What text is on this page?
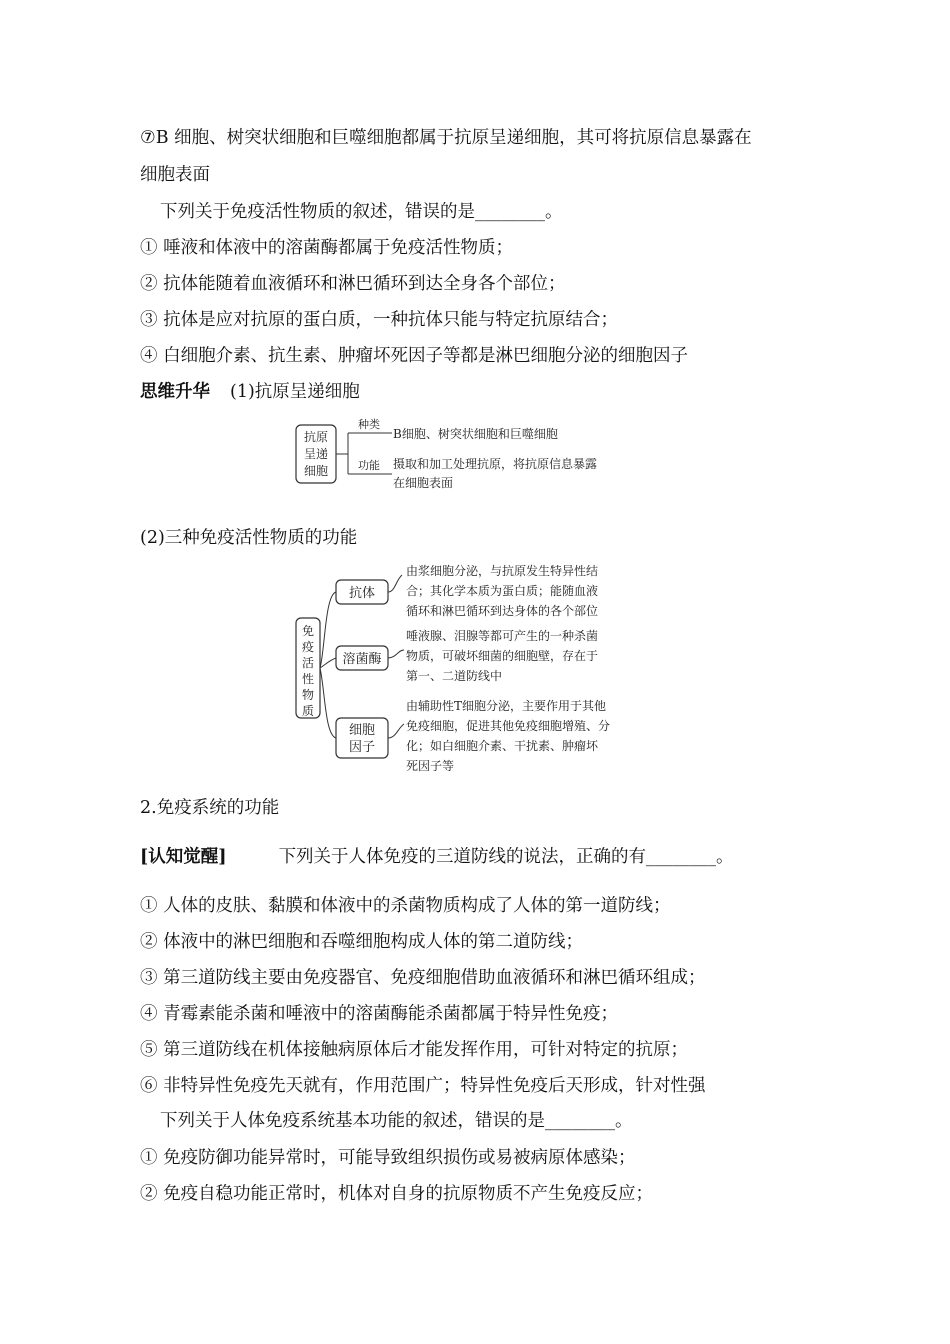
⑦B 细胞、树突状细胞和巨噬细胞都属于抗原呈递细胞，其可将抗原信息暴露在
细胞表面
下列关于免疫活性物质的叙述，错误的是________。
① 唾液和体液中的溶菌酶都属于免疫活性物质；
② 抗体能随着血液循环和淋巴循环到达全身各个部位；
③ 抗体是应对抗原的蛋白质，一种抗体只能与特定抗原结合；
④ 白细胞介素、抗生素、肿瘤坏死因子等都是淋巴细胞分泌的细胞因子
思维升华 (1)抗原呈递细胞
抗原
呈递
细胞
种类
B细胞、树突状细胞和巨噬细胞
功能 摄取和加工处理抗原，将抗原信息暴露
在细胞表面
免
疫
活
性
物
质
抗体
由浆细胞分泌，与抗原发生特异性结
合；其化学本质为蛋白质；能随血液
循环和淋巴循环到达身体的各个部位
溶菌酶
唾液腺、泪腺等都可产生的一种杀菌
物质，可破坏细菌的细胞壁，存在于
第一、二道防线中
细胞
因子
由辅助性T细胞分泌，主要作用于其他
免疫细胞，促进其他免疫细胞增殖、分
化；如白细胞介素、干扰素、肿瘤坏
死因子等
(2)三种免疫活性物质的功能
2.免疫系统的功能
[认知觉醒]	下列关于人体免疫的三道防线的说法，正确的有________。
① 人体的皮肤、黏膜和体液中的杀菌物质构成了人体的第一道防线；
② 体液中的淋巴细胞和吞噬细胞构成人体的第二道防线；
③ 第三道防线主要由免疫器官、免疫细胞借助血液循环和淋巴循环组成；
④ 青霉素能杀菌和唾液中的溶菌酶能杀菌都属于特异性免疫；
⑤ 第三道防线在机体接触病原体后才能发挥作用，可针对特定的抗原；
⑥ 非特异性免疫先天就有，作用范围广；特异性免疫后天形成，针对性强
下列关于人体免疫系统基本功能的叙述，错误的是________。
① 免疫防御功能异常时，可能导致组织损伤或易被病原体感染；
② 免疫自稳功能正常时，机体对自身的抗原物质不产生免疫反应；
